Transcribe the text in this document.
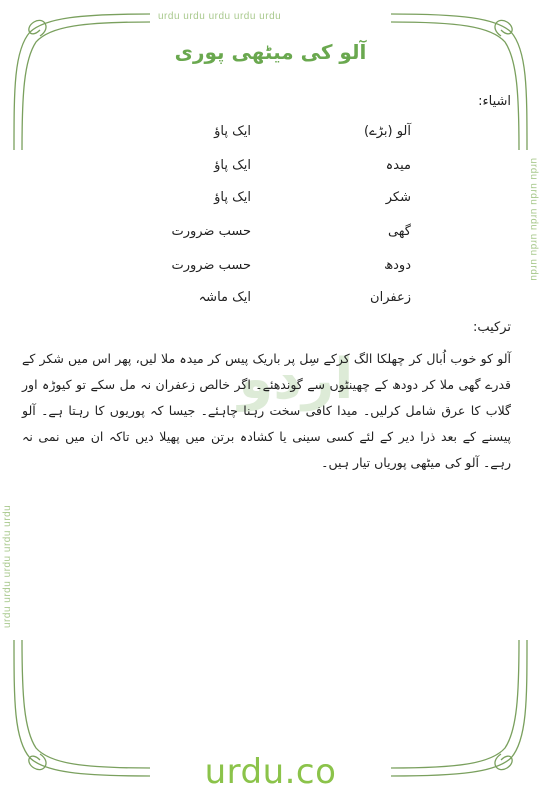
urdu urdu urdu urdu urdu
urdu urdu urdu urdu urdu
urdu urdu urdu urdu urdu
آلو کی میٹھی پوری
اشیاء:
آلو (بڑے)
ایک پاؤ
میدہ
ایک پاؤ
شکر
ایک پاؤ
گھی
حسب ضرورت
دودھ
حسب ضرورت
زعفران
ایک ماشہ
ترکیب:
اردو
آلو کو خوب اُبال کر چھلکا الگ کرکے سِل پر باریک پیس کر میدہ ملا لیں، پھر اس میں شکر کے قدرے گھی ملا کر دودھ کے چھینٹوں سے گوندھئے۔ اگر خالص زعفران نہ مل سکے تو کیوڑہ اور گلاب کا عرق شامل کرلیں۔ میدا کافی سخت رہنا چاہئے۔ جیسا کہ پوریوں کا رہتا ہے۔ آلو پیسنے کے بعد ذرا دیر کے لئے کسی سینی یا کشادہ برتن میں پھیلا دیں تاکہ ان میں نمی نہ رہے۔ آلو کی میٹھی پوریاں تیار ہیں۔
urdu.co
